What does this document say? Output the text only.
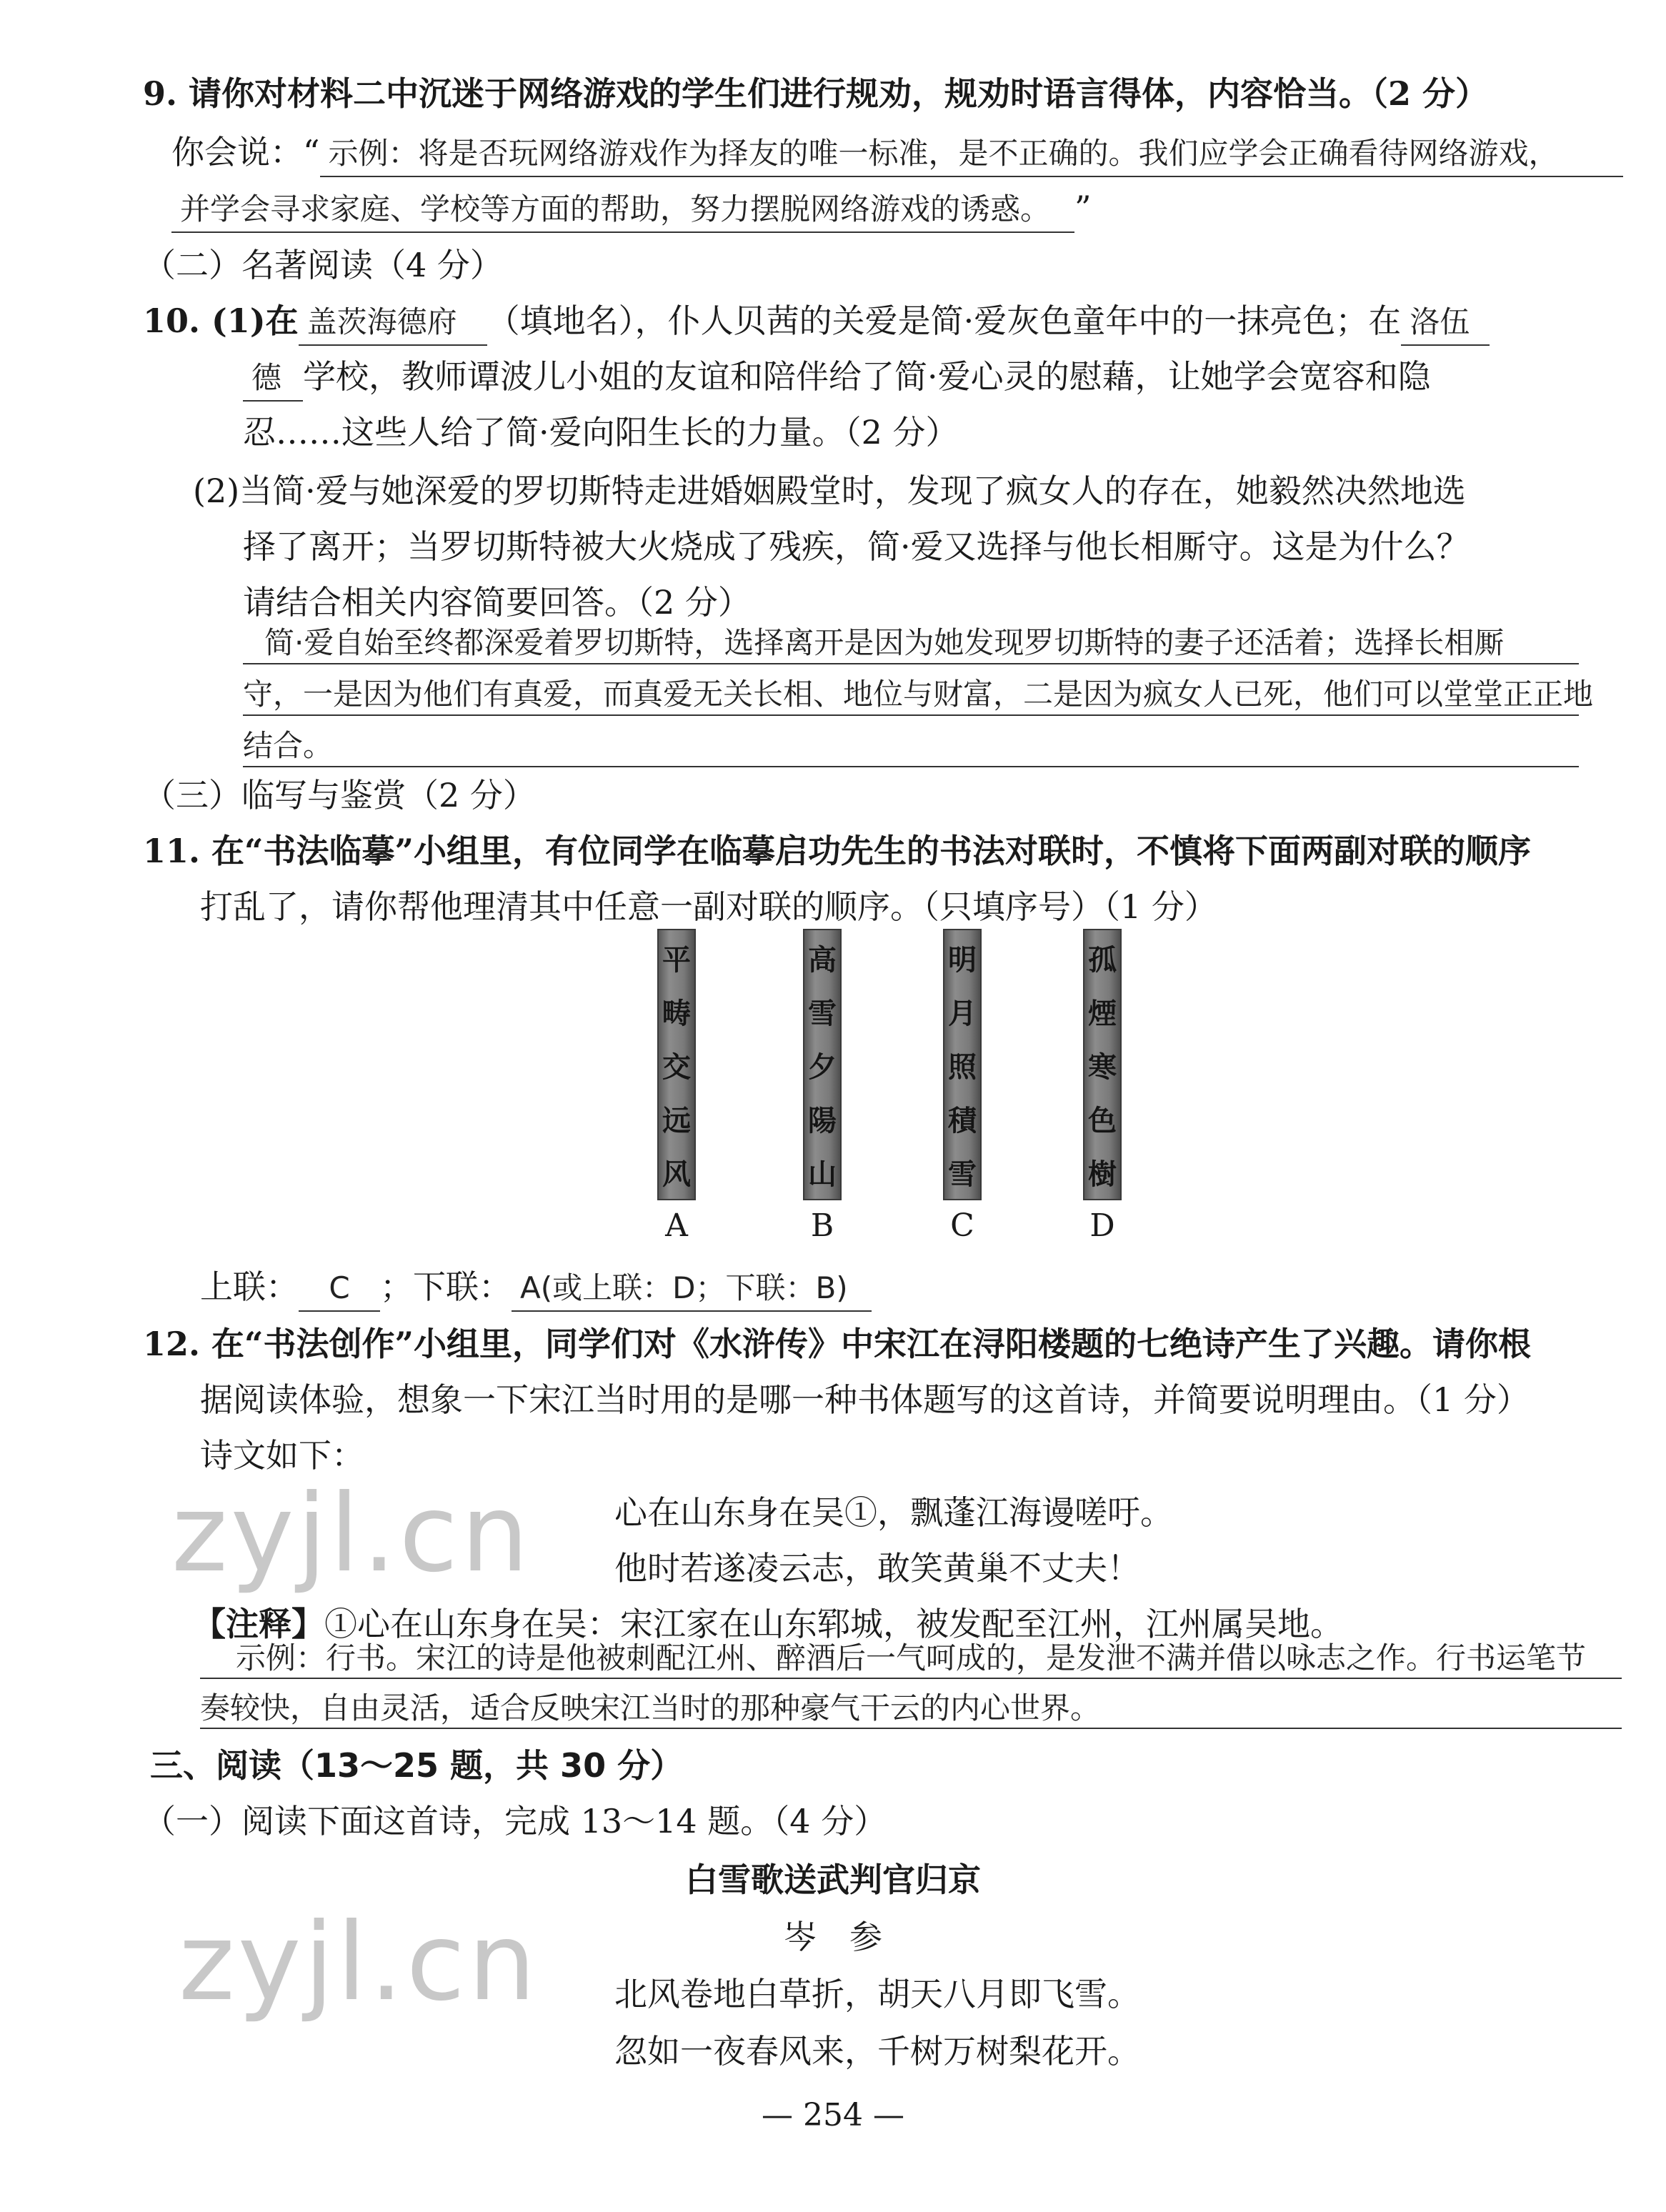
9. 请你对材料二中沉迷于网络游戏的学生们进行规劝，规劝时语言得体，内容恰当。（2 分）
你会说：“ 示例：将是否玩网络游戏作为择友的唯一标准，是不正确的。我们应学会正确看待网络游戏，
并学会寻求家庭、学校等方面的帮助，努力摆脱网络游戏的诱惑。 ”
（二）名著阅读（4 分）
10. (1)在 盖茨海德府 （填地名），仆人贝茜的关爱是简·爱灰色童年中的一抹亮色；在 洛伍
德 学校，教师谭波儿小姐的友谊和陪伴给了简·爱心灵的慰藉，让她学会宽容和隐
忍……这些人给了简·爱向阳生长的力量。（2 分）
(2)当简·爱与她深爱的罗切斯特走进婚姻殿堂时，发现了疯女人的存在，她毅然决然地选
择了离开；当罗切斯特被大火烧成了残疾，简·爱又选择与他长相厮守。这是为什么？
请结合相关内容简要回答。（2 分）
简·爱自始至终都深爱着罗切斯特，选择离开是因为她发现罗切斯特的妻子还活着；选择长相厮
守，一是因为他们有真爱，而真爱无关长相、地位与财富，二是因为疯女人已死，他们可以堂堂正正地
结合。
（三）临写与鉴赏（2 分）
11. 在“书法临摹”小组里，有位同学在临摹启功先生的书法对联时，不慎将下面两副对联的顺序
打乱了，请你帮他理清其中任意一副对联的顺序。（只填序号）（1 分）
平
畴
交
远
风
高
雪
夕
陽
山
明
月
照
積
雪
孤
煙
寒
色
樹
A	B	C	D
上联： C ；下联： A(或上联：D；下联：B)
12. 在“书法创作”小组里，同学们对《水浒传》中宋江在浔阳楼题的七绝诗产生了兴趣。请你根
据阅读体验，想象一下宋江当时用的是哪一种书体题写的这首诗，并简要说明理由。（1 分）
诗文如下：
心在山东身在吴①，飘蓬江海谩嗟吁。
他时若遂凌云志，敢笑黄巢不丈夫！
【注释】①心在山东身在吴：宋江家在山东郓城，被发配至江州，江州属吴地。
示例：行书。宋江的诗是他被刺配江州、醉酒后一气呵成的，是发泄不满并借以咏志之作。行书运笔节
奏较快，自由灵活，适合反映宋江当时的那种豪气干云的内心世界。
三、阅读（13～25 题，共 30 分）
（一）阅读下面这首诗，完成 13～14 题。（4 分）
白雪歌送武判官归京
岑　参
北风卷地白草折，胡天八月即飞雪。
忽如一夜春风来，千树万树梨花开。
zyjl.cn
zyjl.cn
— 254 —
